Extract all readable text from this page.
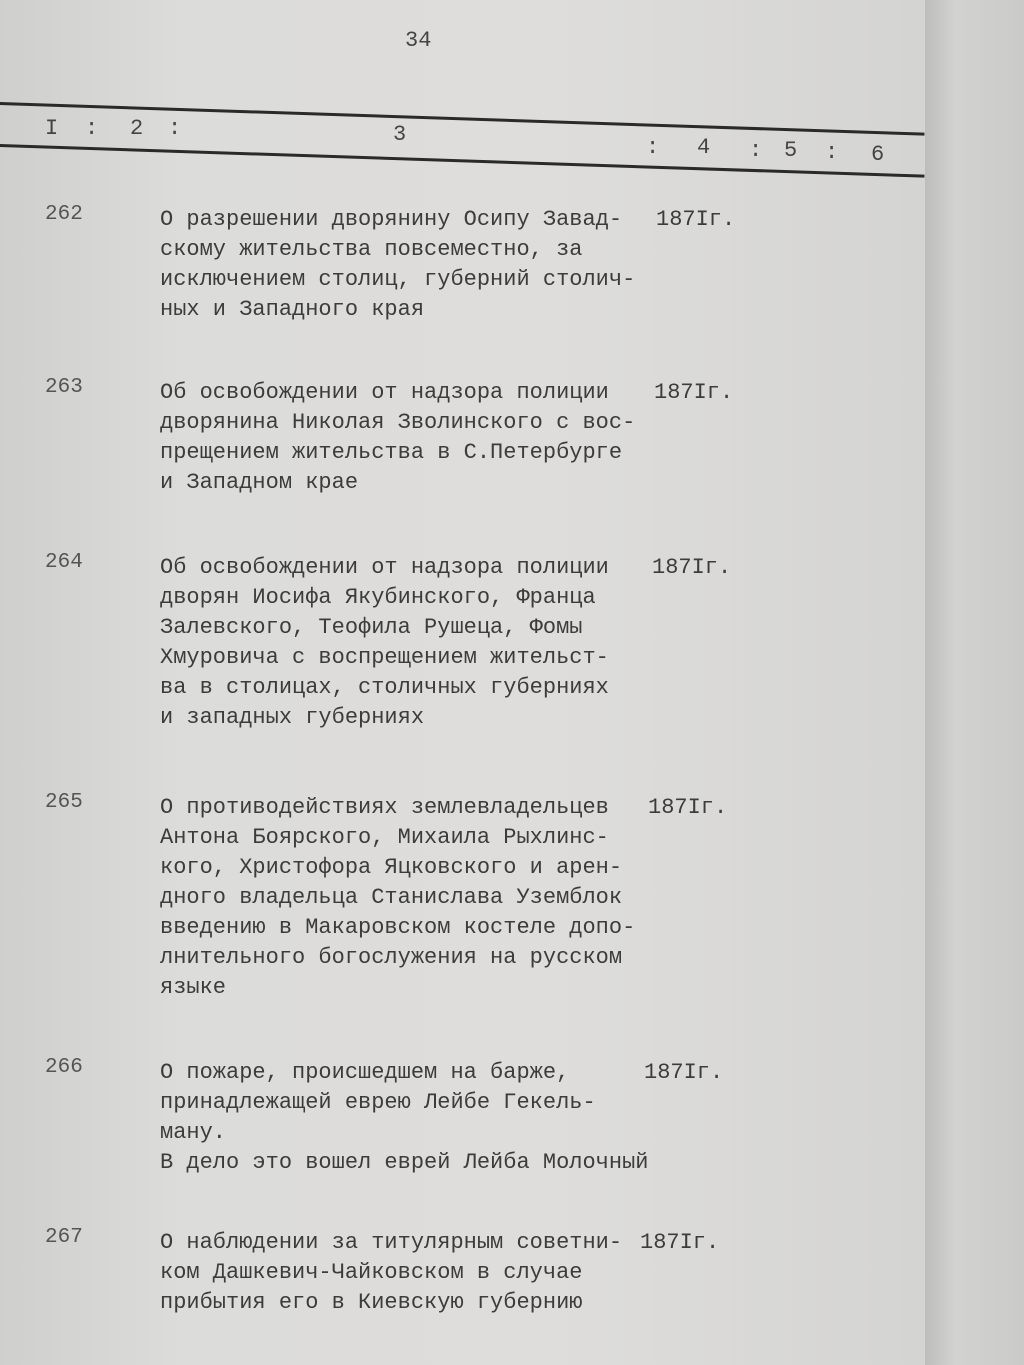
34
I : 2 :	3
: 4 : 5 : 6
262	О разрешении дворянину Осипу Завад-
скому жительства повсеместно, за
исключением столиц, губерний столич-
ных и Западного края
187Iг.
263	Об освобождении от надзора полиции
дворянина Николая Зволинского с вос-
прещением жительства в С.Петербурге
и Западном крае
187Iг.
264	Об освобождении от надзора полиции
дворян Иосифа Якубинского, Франца
Залевского, Теофила Рушеца, Фомы
Хмуровича с воспрещением жительст-
ва в столицах, столичных губерниях
и западных губерниях
187Iг.
265	О противодействиях землевладельцев
Антона Боярского, Михаила Рыхлинс-
кого, Христофора Яцковского и арен-
дного владельца Станислава Уземблок
введению в Макаровском костеле допо-
лнительного богослужения на русском
языке
187Iг.
266	О пожаре, происшедшем на барже,
принадлежащей еврею Лейбе Гекель-
ману.
В дело это вошел еврей Лейба Молочный
187Iг.
267	О наблюдении за титулярным советни-
ком Дашкевич-Чайковском в случае
прибытия его в Киевскую губернию
187Iг.
